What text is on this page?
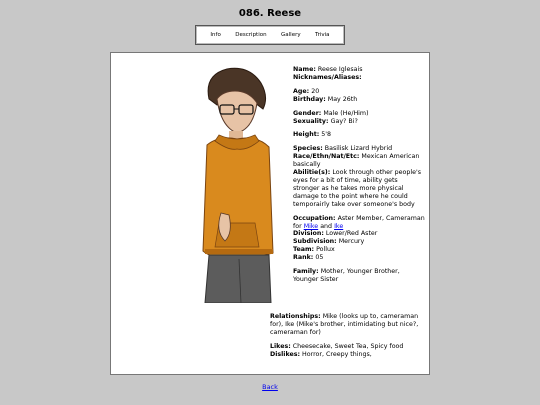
086. Reese
Info	Description	Gallery	Trivia

Name: Reese Iglesais
Nicknames/Aliases:

Age: 20
Birthday: May 26th

Gender: Male (He/Him)
Sexuality: Gay? Bi?

Height: 5'8

Species: Basilisk Lizard Hybrid
Race/Ethn/Nat/Etc: Mexican American basically
Abilitie(s): Look through other people's eyes for a bit of time, ability gets stronger as he takes more physical damage to the point where he could temporairly take over someone's body

Occupation: Aster Member, Cameraman for Mike and Ike
Division: Lower/Red Aster
Subdivision: Mercury
Team: Pollux
Rank: 05

Family: Mother, Younger Brother, Younger Sister

Relationships: Mike (looks up to, cameraman for), Ike (Mike's brother, intimidating but nice?, cameraman for)

Likes: Cheesecake, Sweet Tea, Spicy food
Dislikes: Horror, Creepy things,

Back
